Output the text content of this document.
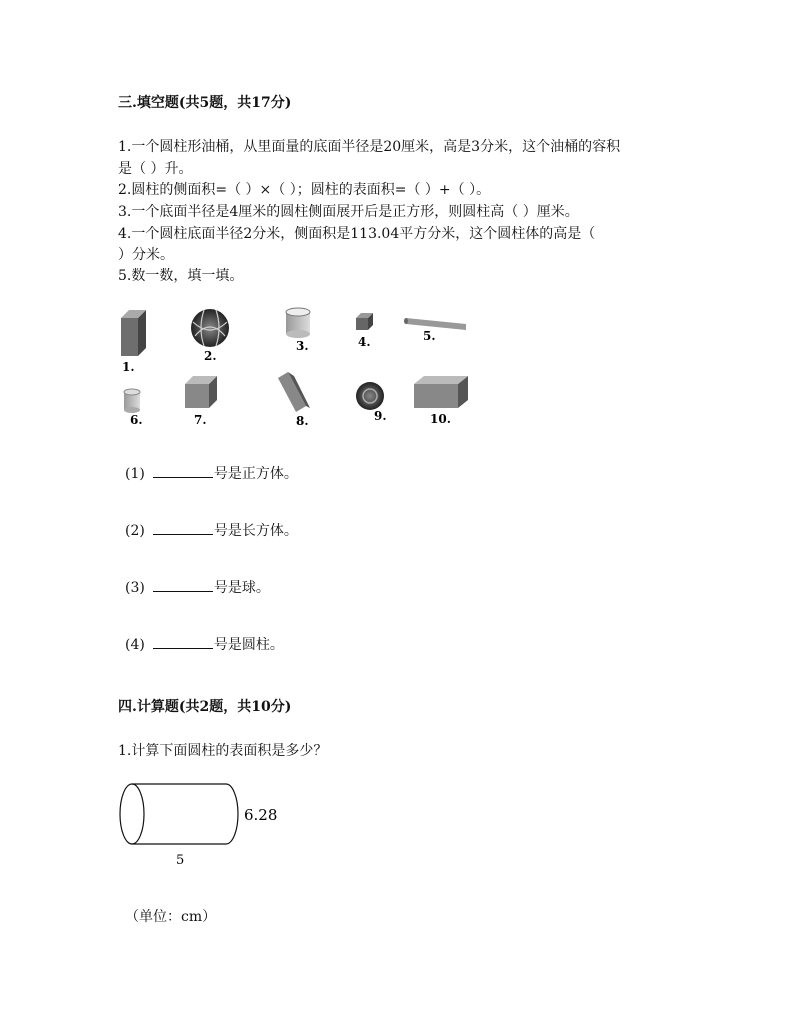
三.填空题(共5题，共17分)
1.一个圆柱形油桶，从里面量的底面半径是20厘米，高是3分米，这个油桶的容积
是（ ）升。
2.圆柱的侧面积=（ ）×（ ）；圆柱的表面积=（ ）+（ ）。
3.一个底面半径是4厘米的圆柱侧面展开后是正方形，则圆柱高（ ）厘米。
4.一个圆柱底面半径2分米，侧面积是113.04平方分米，这个圆柱体的高是（
）分米。
5.数一数，填一填。
1.
2.
3.	4.	5.
6.	7.	8.	9.	10.
(1)	号是正方体。
(2)	号是长方体。
(3)	号是球。
(4)	号是圆柱。
四.计算题(共2题，共10分)
1.计算下面圆柱的表面积是多少？
6.28
5
（单位：cm）
